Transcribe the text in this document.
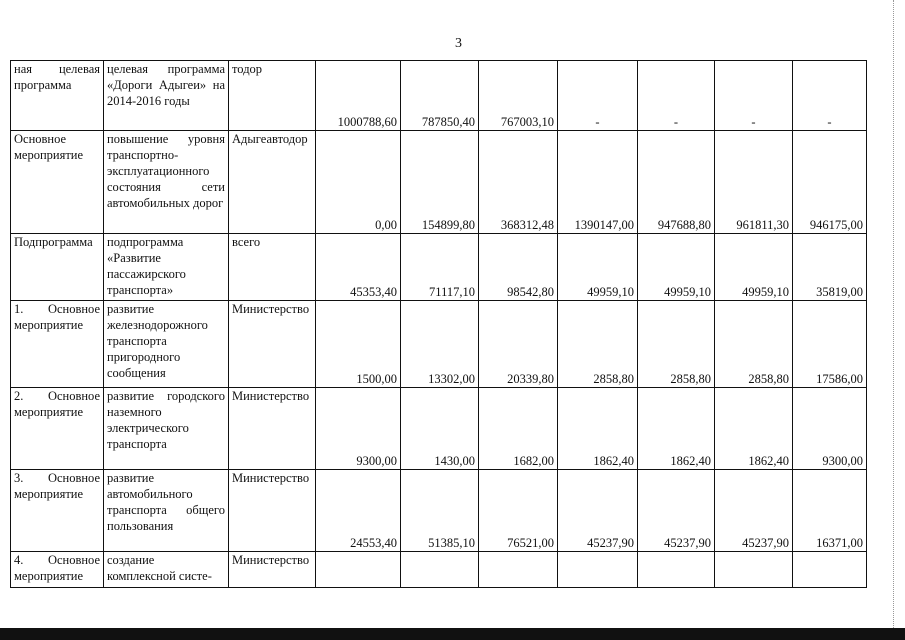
3
ная целевая программа	целевая программа «Дороги Адыгеи» на 2014-2016 годы	тодор	1000788,60	787850,40	767003,10	-	-	-	-
Основное мероприятие	повышение уровня транспортно-эксплуатационного состояния сети автомобильных дорог	Адыгеавтодор	0,00	154899,80	368312,48	1390147,00	947688,80	961811,30	946175,00
Подпрограмма	подпрограмма «Развитие пассажирского транспорта»	всего	45353,40	71117,10	98542,80	49959,10	49959,10	49959,10	35819,00
1. Основное мероприятие	развитие железнодорожного транспорта пригородного сообщения	Министерство	1500,00	13302,00	20339,80	2858,80	2858,80	2858,80	17586,00
2. Основное мероприятие	развитие городского наземного электрического транспорта	Министерство	9300,00	1430,00	1682,00	1862,40	1862,40	1862,40	9300,00
3. Основное мероприятие	развитие автомобильного транспорта общего пользования	Министерство	24553,40	51385,10	76521,00	45237,90	45237,90	45237,90	16371,00
4. Основное мероприятие	создание комплексной систе-	Министерство							
